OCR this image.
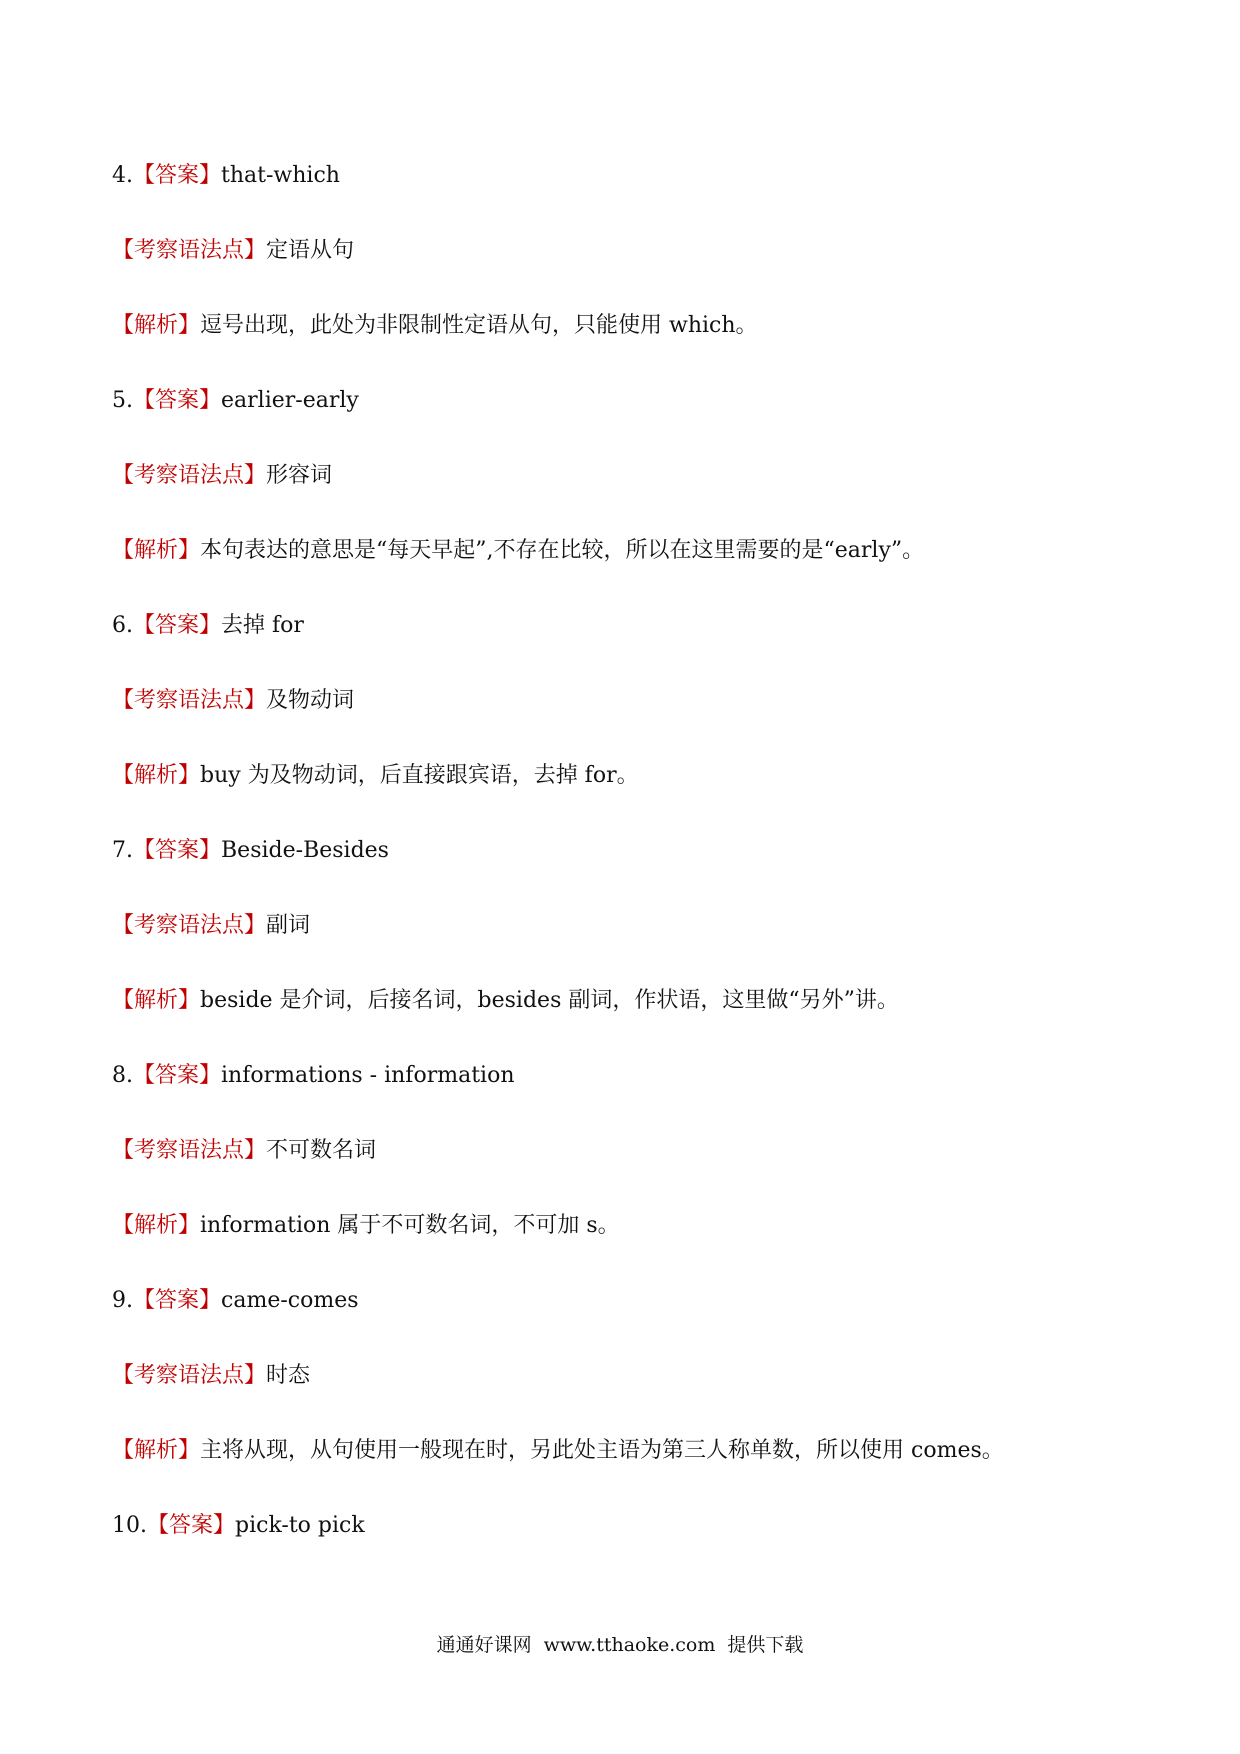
4.【答案】that-which
【考察语法点】定语从句
【解析】逗号出现，此处为非限制性定语从句，只能使用 which。
5.【答案】earlier-early
【考察语法点】形容词
【解析】本句表达的意思是“每天早起”,不存在比较，所以在这里需要的是“early”。
6.【答案】去掉 for
【考察语法点】及物动词
【解析】buy 为及物动词，后直接跟宾语，去掉 for。
7.【答案】Beside-Besides
【考察语法点】副词
【解析】beside 是介词，后接名词，besides 副词，作状语，这里做“另外”讲。
8.【答案】informations - information
【考察语法点】不可数名词
【解析】information 属于不可数名词，不可加 s。
9.【答案】came-comes
【考察语法点】时态
【解析】主将从现，从句使用一般现在时，另此处主语为第三人称单数，所以使用 comes。
10.【答案】pick-to pick
通通好课网 www.tthaoke.com 提供下载
